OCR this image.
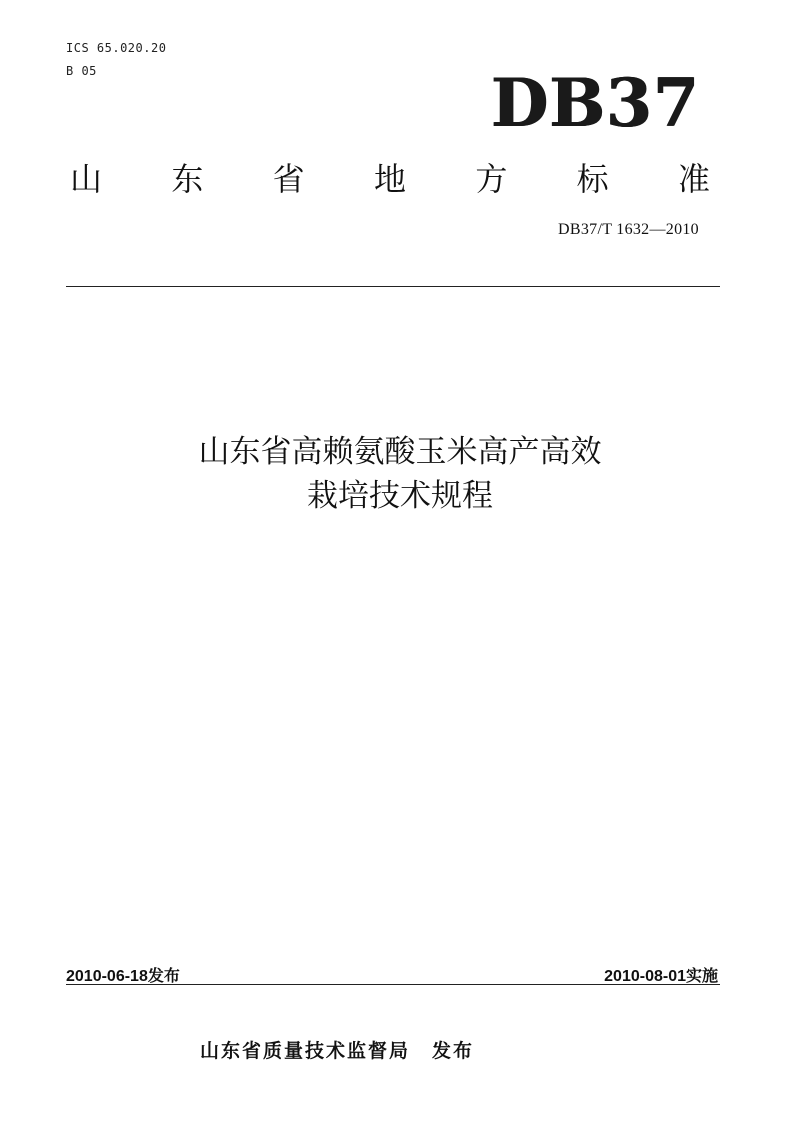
ICS 65.020.20
B 05	DB37
山 东 省 地 方 标 准
DB37/T 1632—2010
山东省高赖氨酸玉米高产高效
栽培技术规程
2010-06-18发布	2010-08-01实施
山东省质量技术监督局 发布
